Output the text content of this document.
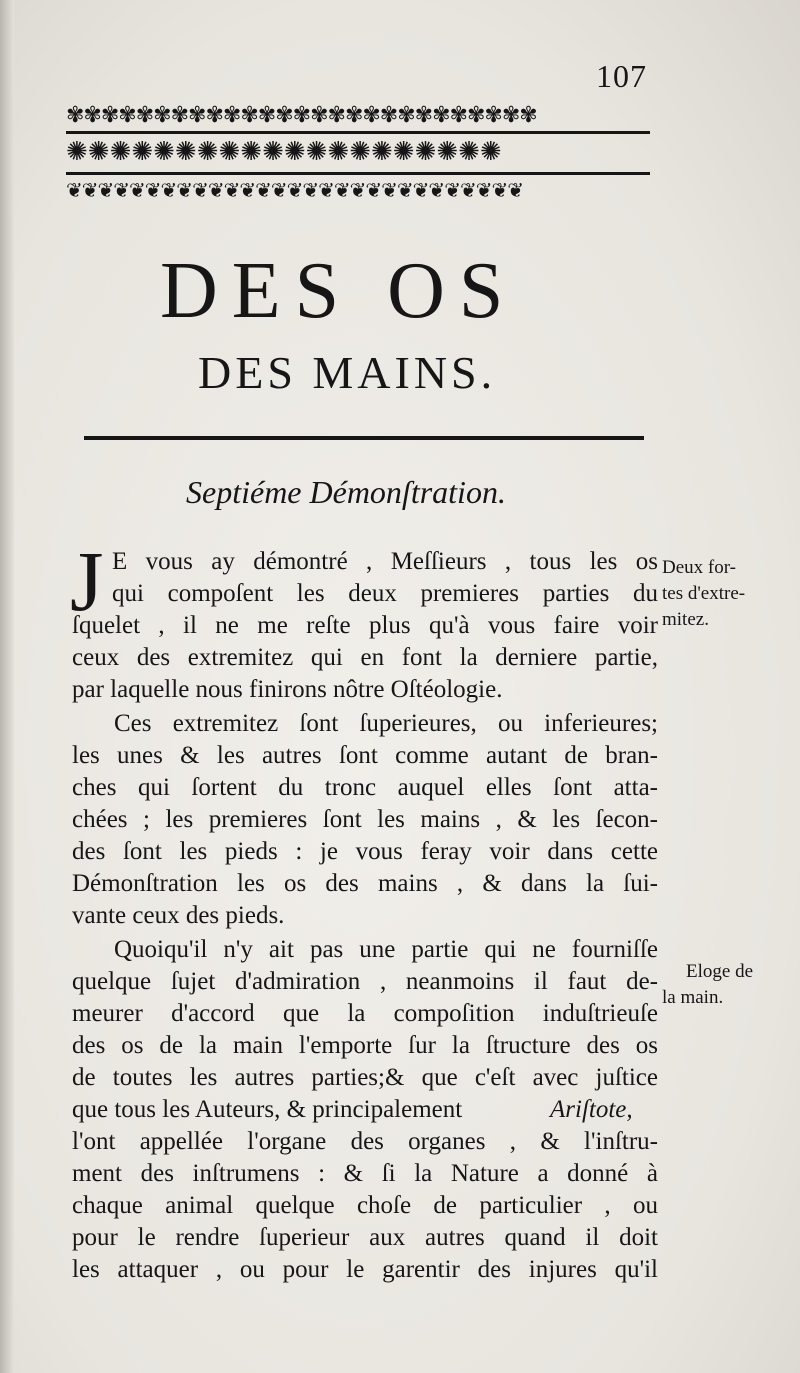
107
✾✾✾✾✾✾✾✾✾✾✾✾✾✾✾✾✾✾✾✾✾✾✾✾✾✾✾
✺✺✺✺✺✺✺✺✺✺✺✺✺✺✺✺✺✺✺✺
❦❦❦❦❦❦❦❦❦❦❦❦❦❦❦❦❦❦❦❦❦❦❦❦❦❦❦❦❦
DES OS
DES MAINS.
Septiéme Démonſtration.
J E vous ay démontré , Meſſieurs , tous les os
qui compoſent les deux premieres parties du
ſquelet , il ne me reſte plus qu'à vous faire voir
ceux des extremitez qui en font la derniere partie,
par laquelle nous finirons nôtre Oſtéologie.
Ces extremitez ſont ſuperieures, ou inferieures;
les unes & les autres ſont comme autant de bran-
ches qui ſortent du tronc auquel elles ſont atta-
chées ; les premieres ſont les mains , & les ſecon-
des ſont les pieds : je vous feray voir dans cette
Démonſtration les os des mains , & dans la ſui-
vante ceux des pieds.
Quoiqu'il n'y ait pas une partie qui ne fourniſſe
quelque ſujet d'admiration , neanmoins il faut de-
meurer d'accord que la compoſition induſtrieuſe
des os de la main l'emporte ſur la ſtructure des os
de toutes les autres parties;& que c'eſt avec juſtice
que tous les Auteurs, & principalement	Ariſtote,
l'ont appellée l'organe des organes , & l'inſtru-
ment des inſtrumens : & ſi la Nature a donné à
chaque animal quelque choſe de particulier , ou
pour le rendre ſuperieur aux autres quand il doit
les attaquer , ou pour le garentir des injures qu'il
Deux for-
tes d'extre-
mitez.
Eloge de
la main.
